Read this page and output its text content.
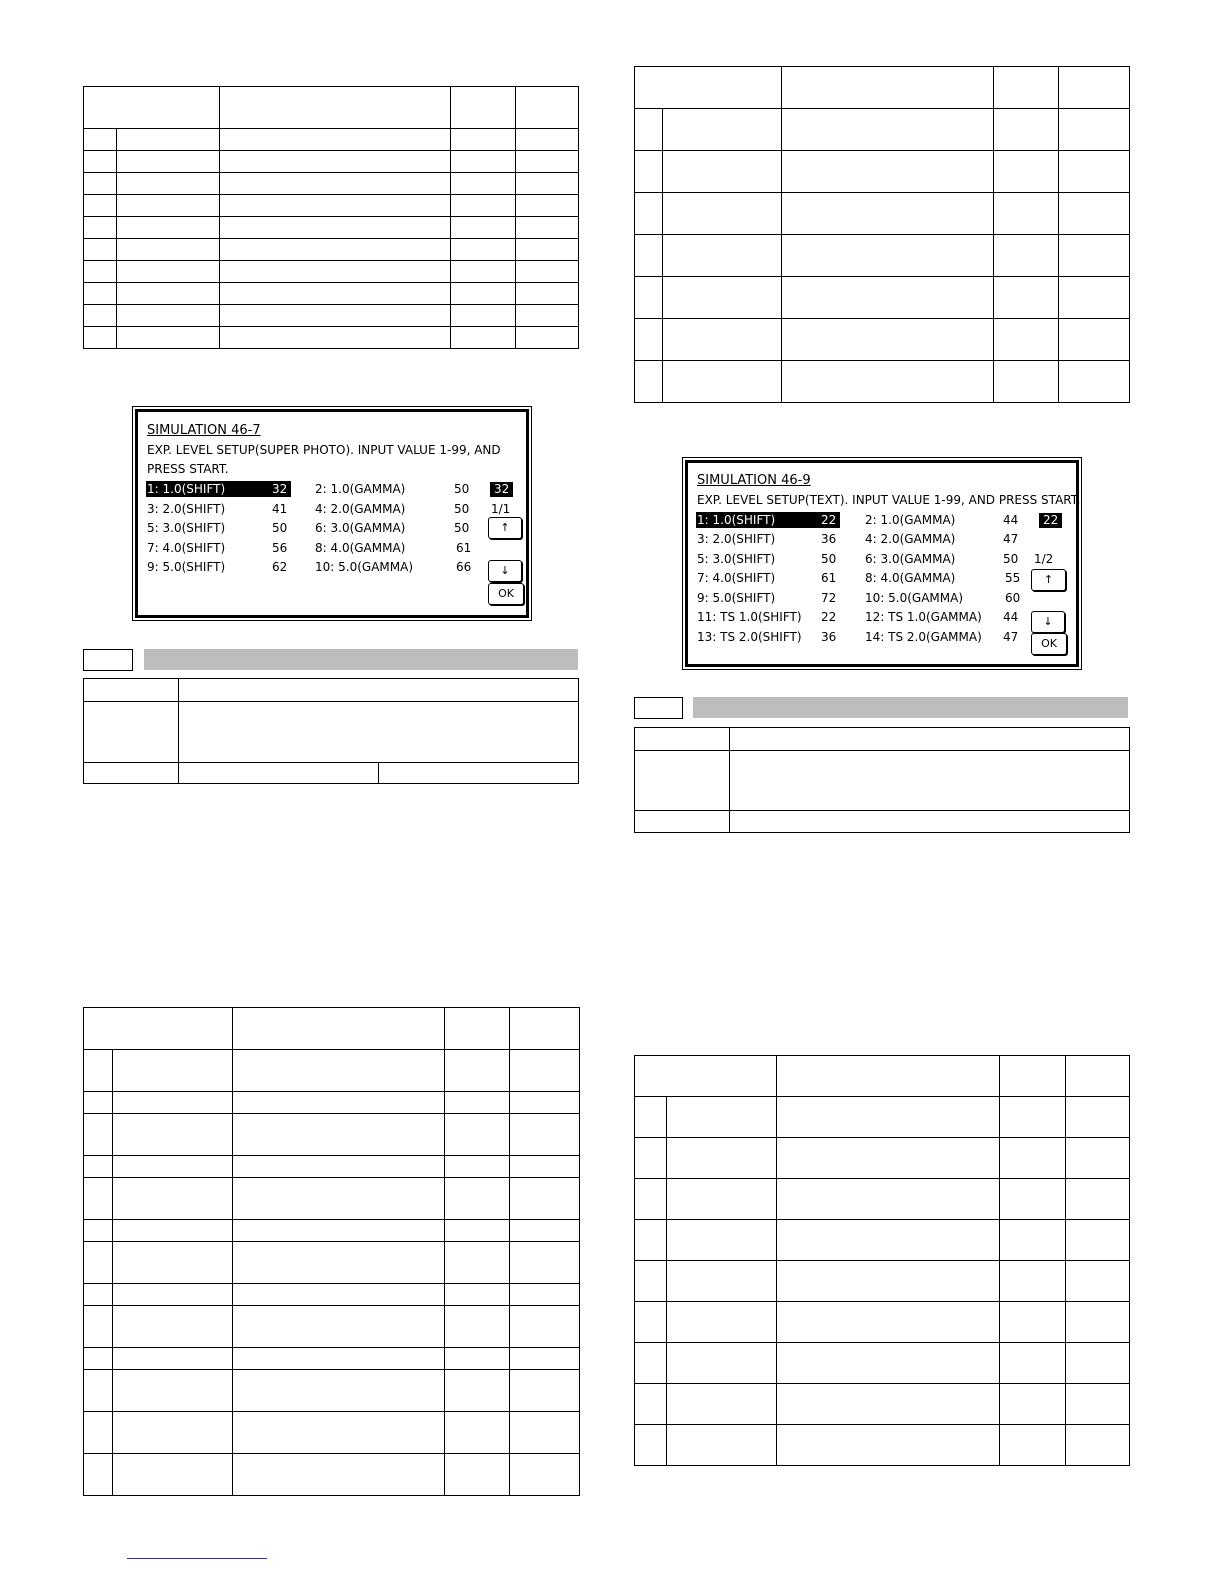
SIMULATION 46-7
EXP. LEVEL SETUP(SUPER PHOTO). INPUT VALUE 1-99, AND
PRESS START.
1: 1.0(SHIFT)	32 2: 1.0(GAMMA)	50
3: 2.0(SHIFT)	41 4: 2.0(GAMMA)	50
5: 3.0(SHIFT)	50 6: 3.0(GAMMA)	50
7: 4.0(SHIFT)	56 8: 4.0(GAMMA)	61
9: 5.0(SHIFT)	62 10: 5.0(GAMMA)	66
32
1/1
↑
↓
OK

SIMULATION 46-9
EXP. LEVEL SETUP(TEXT). INPUT VALUE 1-99, AND PRESS START.
1: 1.0(SHIFT)	22 2: 1.0(GAMMA)	44
3: 2.0(SHIFT)	36 4: 2.0(GAMMA)	47
5: 3.0(SHIFT)	50 6: 3.0(GAMMA)	50
7: 4.0(SHIFT)	61 8: 4.0(GAMMA)	55
9: 5.0(SHIFT)	72 10: 5.0(GAMMA)	60
11: TS 1.0(SHIFT) 22 12: TS 1.0(GAMMA) 44
13: TS 2.0(SHIFT) 36 14: TS 2.0(GAMMA) 47
22
1/2
↑
↓
OK
